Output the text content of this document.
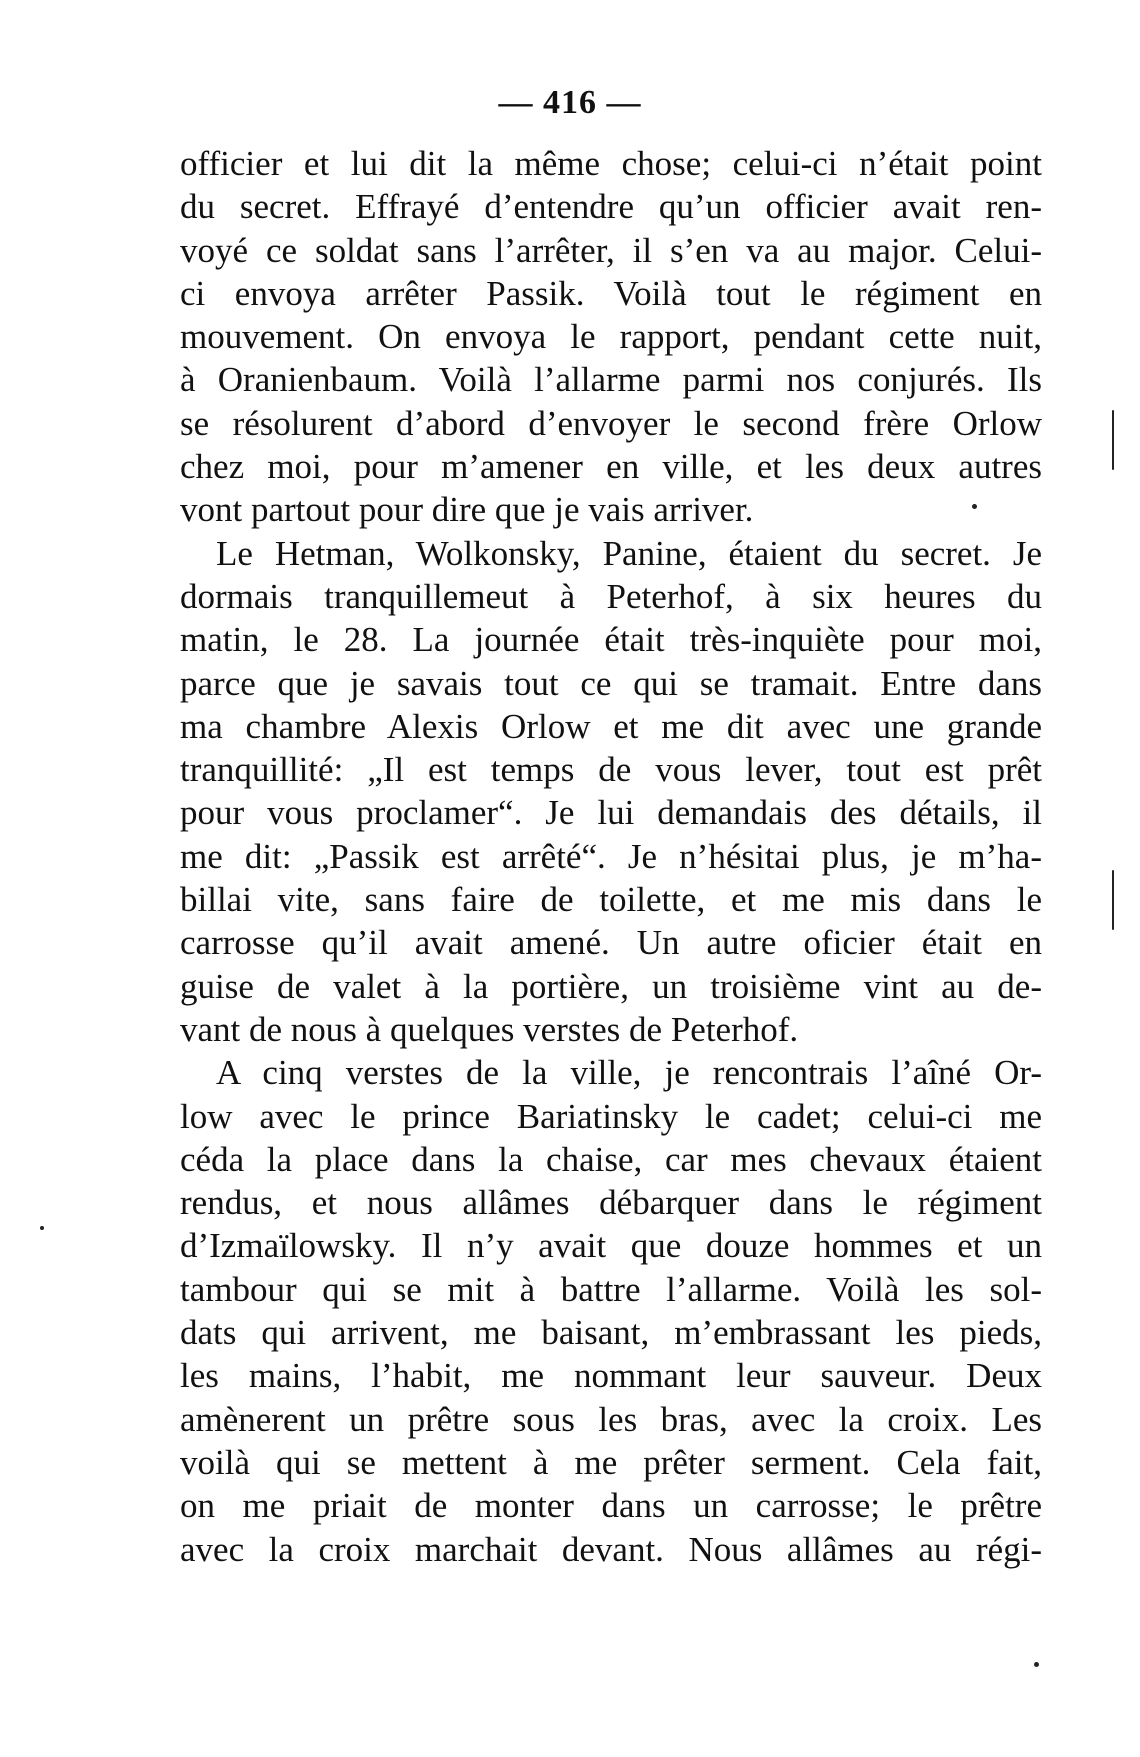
— 416 —
officier et lui dit la même chose; celui-ci n’était point
du secret. Effrayé d’entendre qu’un officier avait ren-
voyé ce soldat sans l’arrêter, il s’en va au major. Celui-
ci envoya arrêter Passik. Voilà tout le régiment en
mouvement. On envoya le rapport, pendant cette nuit,
à Oranienbaum. Voilà l’allarme parmi nos conjurés. Ils
se résolurent d’abord d’envoyer le second frère Orlow
chez moi, pour m’amener en ville, et les deux autres
vont partout pour dire que je vais arriver.
Le Hetman, Wolkonsky, Panine, étaient du secret. Je
dormais tranquillemeut à Peterhof, à six heures du
matin, le 28. La journée était très-inquiète pour moi,
parce que je savais tout ce qui se tramait. Entre dans
ma chambre Alexis Orlow et me dit avec une grande
tranquillité: „Il est temps de vous lever, tout est prêt
pour vous proclamer“. Je lui demandais des détails, il
me dit: „Passik est arrêté“. Je n’hésitai plus, je m’ha-
billai vite, sans faire de toilette, et me mis dans le
carrosse qu’il avait amené. Un autre oficier était en
guise de valet à la portière, un troisième vint au de-
vant de nous à quelques verstes de Peterhof.
A cinq verstes de la ville, je rencontrais l’aîné Or-
low avec le prince Bariatinsky le cadet; celui-ci me
céda la place dans la chaise, car mes chevaux étaient
rendus, et nous allâmes débarquer dans le régiment
d’Izmaïlowsky. Il n’y avait que douze hommes et un
tambour qui se mit à battre l’allarme. Voilà les sol-
dats qui arrivent, me baisant, m’embrassant les pieds,
les mains, l’habit, me nommant leur sauveur. Deux
amènerent un prêtre sous les bras, avec la croix. Les
voilà qui se mettent à me prêter serment. Cela fait,
on me priait de monter dans un carrosse; le prêtre
avec la croix marchait devant. Nous allâmes au régi-
